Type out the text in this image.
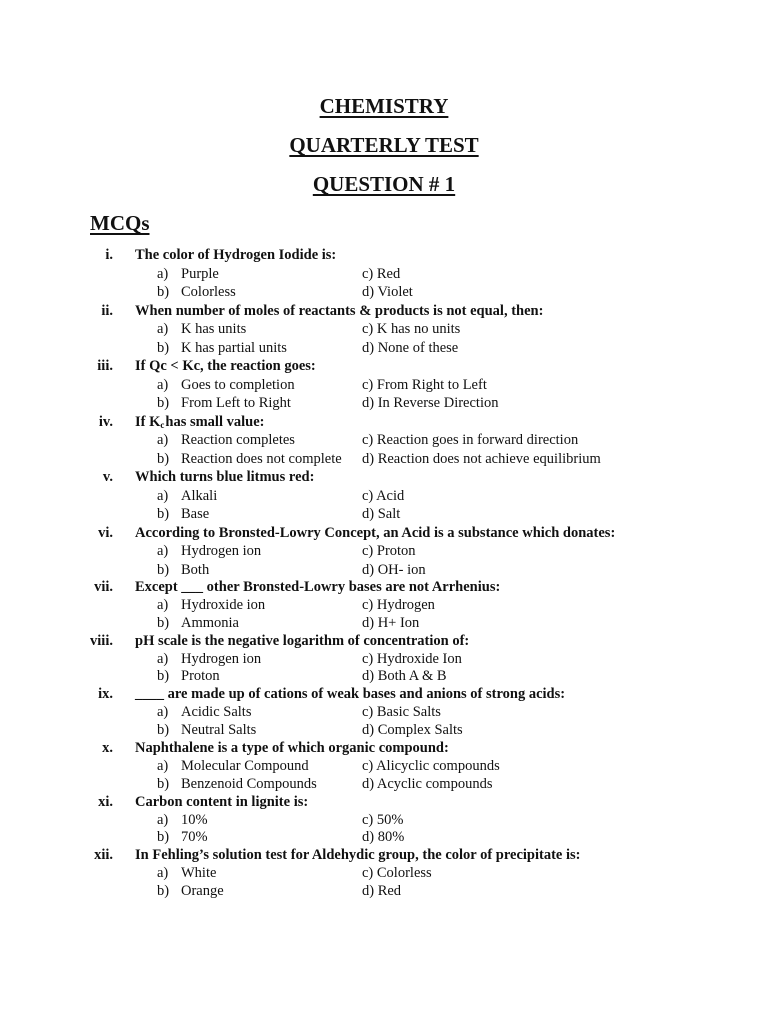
CHEMISTRY
QUARTERLY TEST
QUESTION # 1
MCQs
i. The color of Hydrogen Iodide is:
a) Purple	c) Red
b) Colorless	d) Violet
ii. When number of moles of reactants & products is not equal, then:
a) K has units	c) K has no units
b) K has partial units	d) None of these
iii. If Qc < Kc, the reaction goes:
a) Goes to completion	c) From Right to Left
b) From Left to Right	d) In Reverse Direction
iv. If $K_chas$ small value:
a) Reaction completes	c) Reaction goes in forward direction
b) Reaction does not complete d) Reaction does not achieve equilibrium
v. Which turns blue litmus red:
a) Alkali	c) Acid
b) Base	d) Salt
vi. According to Bronsted-Lowry Concept, an Acid is a substance which donates:
a) Hydrogen ion	c) Proton
b) Both	d) OH- ion
vii. Except ___ other Bronsted-Lowry bases are not Arrhenius:
a) Hydroxide ion	c) Hydrogen
b) Ammonia	d) H+ Ion
viii. pH scale is the negative logarithm of concentration of:
a) Hydrogen ion	c) Hydroxide Ion
b) Proton	d) Both A & B
ix. ____ are made up of cations of weak bases and anions of strong acids:
a) Acidic Salts	c) Basic Salts
b) Neutral Salts	d) Complex Salts
x. Naphthalene is a type of which organic compound:
a) Molecular Compound	c) Alicyclic compounds
b) Benzenoid Compounds	d) Acyclic compounds
xi. Carbon content in lignite is:
a) 10%	c) 50%
b) 70%	d) 80%
xii. In Fehling’s solution test for Aldehydic group, the color of precipitate is:
a) White	c) Colorless
b) Orange	d) Red
